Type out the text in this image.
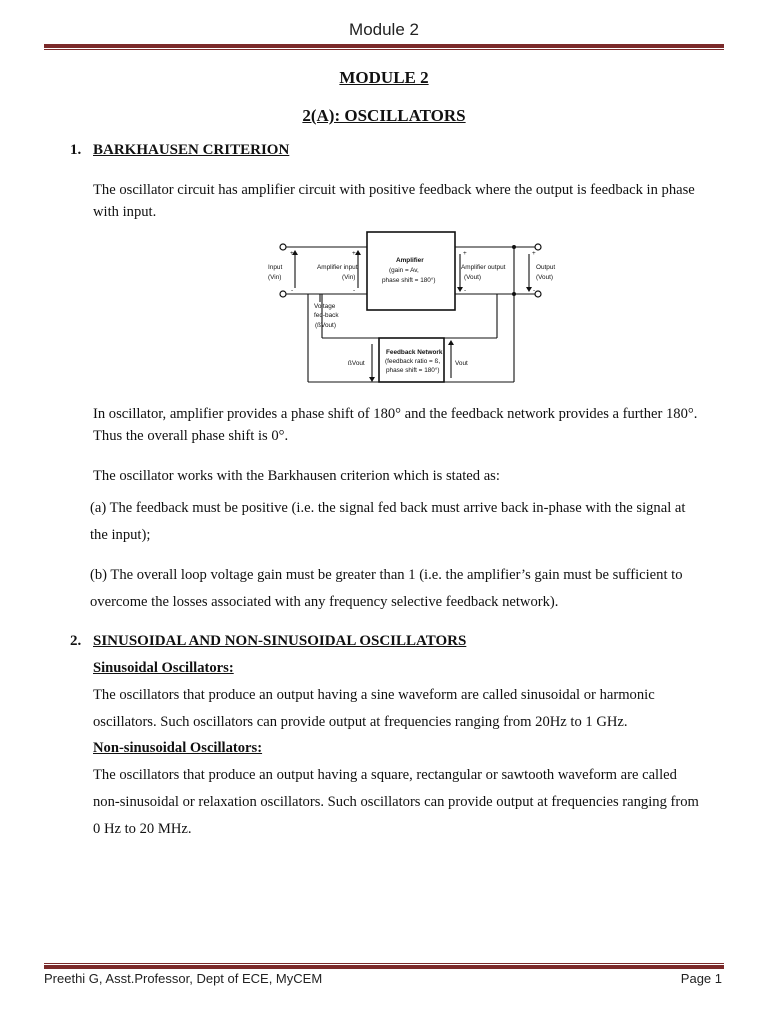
Module 2
MODULE 2
2(A): OSCILLATORS
1. BARKHAUSEN CRITERION
The oscillator circuit has amplifier circuit with positive feedback where the output is feedback in phase
with input.
Input
(Vin)
Amplifier input
(Vin)
Amplifier
(gain = Av,
phase shift = 180°)
Amplifier output
(Vout)
Output
(Vout)
Voltage
fed-back
(ßVout)
ßVout
Feedback Network
(feedback ratio = ß,
phase shift = 180°)
Vout
+
-
+
-
+
-
+
-
In oscillator, amplifier provides a phase shift of 180° and the feedback network provides a further 180°.
Thus the overall phase shift is 0°.
The oscillator works with the Barkhausen criterion which is stated as:
(a) The feedback must be positive (i.e. the signal fed back must arrive back in-phase with the signal at
the input);
(b) The overall loop voltage gain must be greater than 1 (i.e. the amplifier’s gain must be sufficient to
overcome the losses associated with any frequency selective feedback network).
2. SINUSOIDAL AND NON-SINUSOIDAL OSCILLATORS
Sinusoidal Oscillators:
The oscillators that produce an output having a sine waveform are called sinusoidal or harmonic
oscillators. Such oscillators can provide output at frequencies ranging from 20Hz to 1 GHz.
Non-sinusoidal Oscillators:
The oscillators that produce an output having a square, rectangular or sawtooth waveform are called
non-sinusoidal or relaxation oscillators. Such oscillators can provide output at frequencies ranging from
0 Hz to 20 MHz.
Preethi G, Asst.Professor, Dept of ECE, MyCEM	Page 1
